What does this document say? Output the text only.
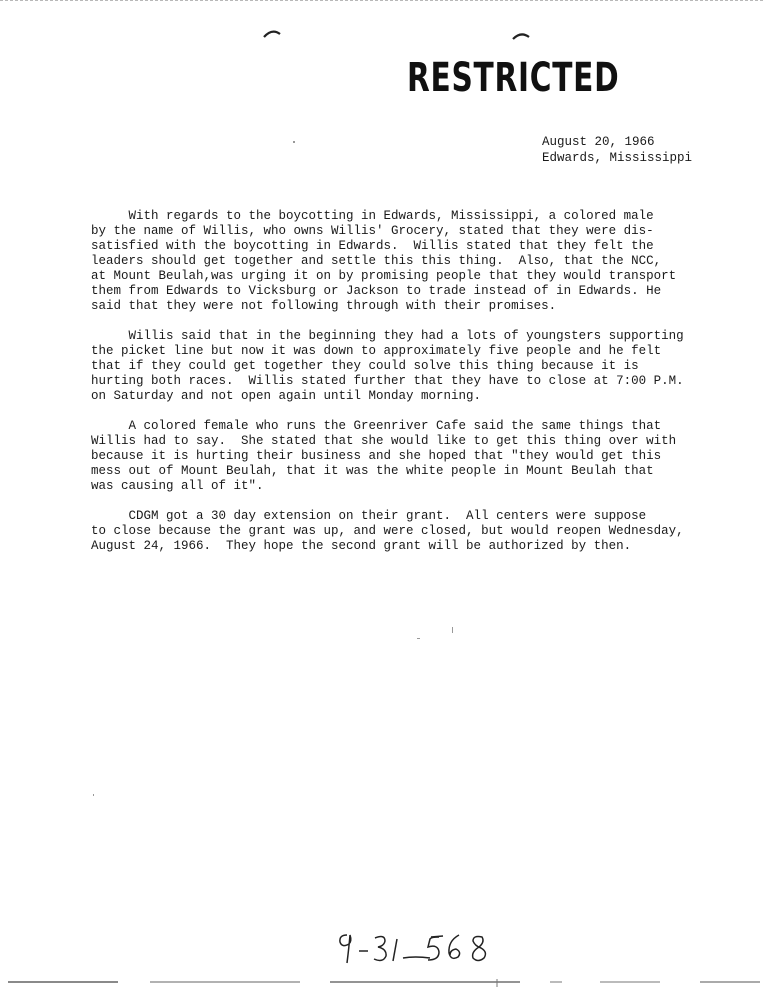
RESTRICTED
August 20, 1966
Edwards, Mississippi
With regards to the boycotting in Edwards, Mississippi, a colored male
by the name of Willis, who owns Willis' Grocery, stated that they were dis-
satisfied with the boycotting in Edwards.  Willis stated that they felt the
leaders should get together and settle this this thing.  Also, that the NCC,
at Mount Beulah,was urging it on by promising people that they would transport
them from Edwards to Vicksburg or Jackson to trade instead of in Edwards. He
said that they were not following through with their promises.
Willis said that in the beginning they had a lots of youngsters supporting
the picket line but now it was down to approximately five people and he felt
that if they could get together they could solve this thing because it is
hurting both races.  Willis stated further that they have to close at 7:00 P.M.
on Saturday and not open again until Monday morning.
A colored female who runs the Greenriver Cafe said the same things that
Willis had to say.  She stated that she would like to get this thing over with
because it is hurting their business and she hoped that "they would get this
mess out of Mount Beulah, that it was the white people in Mount Beulah that
was causing all of it".
CDGM got a 30 day extension on their grant.  All centers were suppose
to close because the grant was up, and were closed, but would reopen Wednesday,
August 24, 1966.  They hope the second grant will be authorized by then.
